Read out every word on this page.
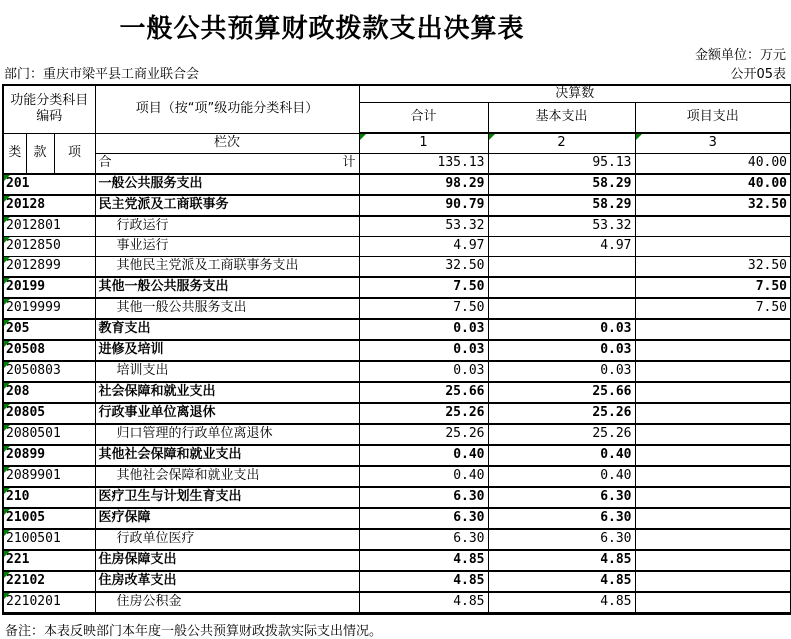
一般公共预算财政拨款支出决算表
金额单位：万元
部门：重庆市梁平县工商业联合会	公开05表
功能分类科目编码			项目（按“项”级功能分类科目）	决算数		
				合计	基本支出	项目支出
类	款	项	栏次	1	2	3

			合 计	135.13	95.13	40.00

201			一般公共服务支出	98.29	58.29	40.00

20128			民主党派及工商联事务	90.79	58.29	32.50

2012801			行政运行	53.32	53.32	

2012850			事业运行	4.97	4.97	

2012899			其他民主党派及工商联事务支出	32.50		32.50

20199			其他一般公共服务支出	7.50		7.50

2019999			其他一般公共服务支出	7.50		7.50

205			教育支出	0.03	0.03	

20508			进修及培训	0.03	0.03	

2050803			培训支出	0.03	0.03	

208			社会保障和就业支出	25.66	25.66	

20805			行政事业单位离退休	25.26	25.26	

2080501			归口管理的行政单位离退休	25.26	25.26	

20899			其他社会保障和就业支出	0.40	0.40	

2089901			其他社会保障和就业支出	0.40	0.40	

210			医疗卫生与计划生育支出	6.30	6.30	

21005			医疗保障	6.30	6.30	

2100501			行政单位医疗	6.30	6.30	

221			住房保障支出	4.85	4.85	

22102			住房改革支出	4.85	4.85	

2210201			住房公积金	4.85	4.85	
备注：本表反映部门本年度一般公共预算财政拨款实际支出情况。
